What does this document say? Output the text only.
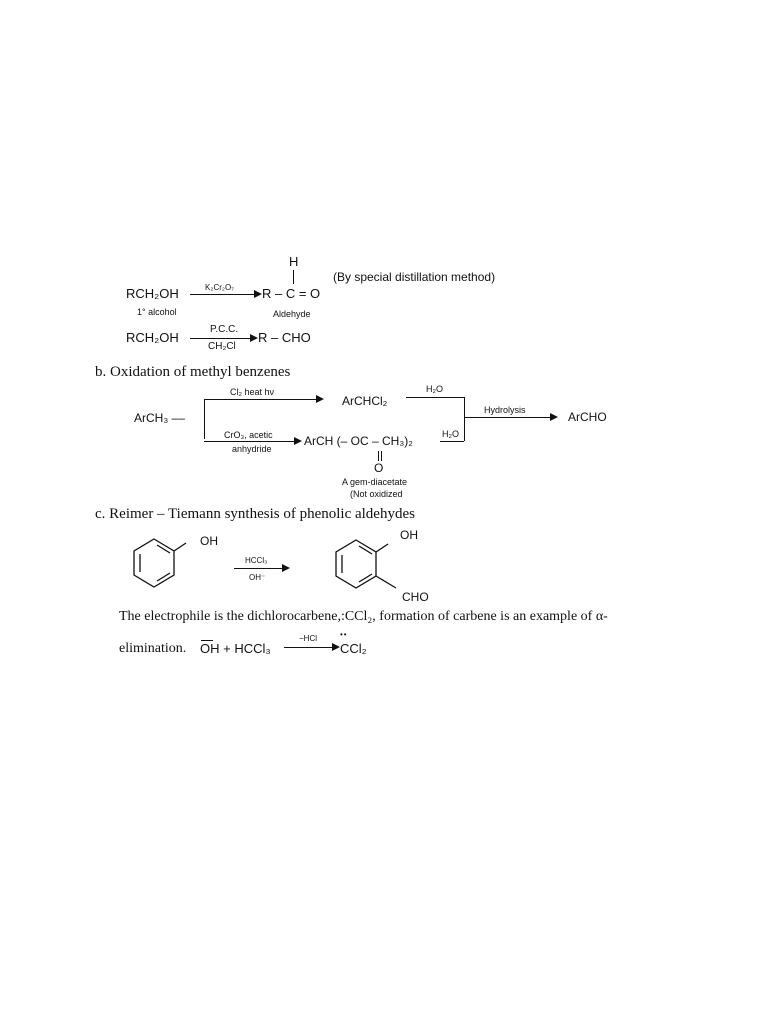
RCH₂OH	K₂Cr₂O₇
H
R – C = O
(By special distillation method)
1° alcohol	Aldehyde
RCH₂OH
P.C.C.
CH₂Cl
R – CHO
b. Oxidation of methyl benzenes
ArCH₃ ––
Cl₂ heat hν
ArCHCl₂
H₂O
Hydrolysis	ArCHO
CrO₃, acetic
anhydride
ArCH (– OC – CH₃)₂	H₂O
O
A gem-diacetate
(Not oxidized
c. Reimer – Tiemann synthesis of phenolic aldehydes
OH
HCCl₃
OH⁻
OH
CHO
The electrophile is the dichlorocarbene,:CCl₂, formation of carbene is an example of α-
elimination. OH + HCCl₃
−HCl	••
CCl₂
